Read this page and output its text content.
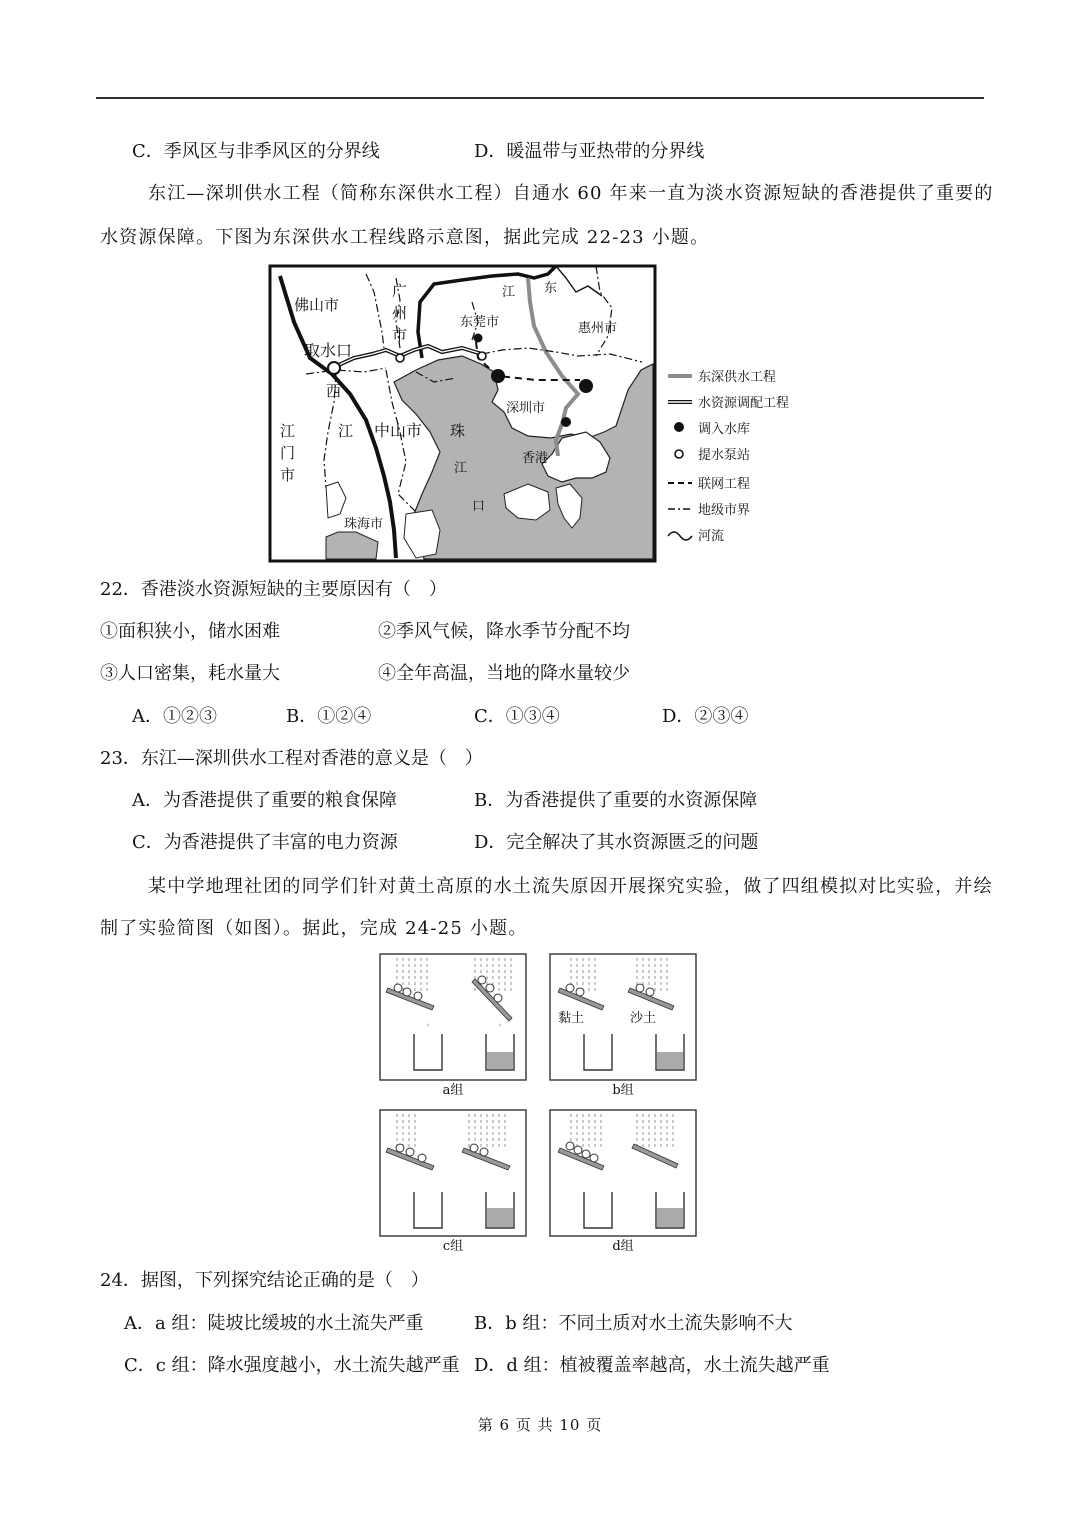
C．季风区与非季风区的分界线	D．暖温带与亚热带的分界线
东江—深圳供水工程（简称东深供水工程）自通水 60 年来一直为淡水资源短缺的香港提供了重要的
水资源保障。下图为东深供水工程线路示意图，据此完成 22-23 小题。
佛山市
广
州
市
东莞市
江 东
惠州市
取水口
西
江 中山市
深圳市
江
门
市
珠
江
口
香港
珠海市
东深供水工程
水资源调配工程
调入水库
提水泵站
联网工程
地级市界
河流
22．香港淡水资源短缺的主要原因有（　）
①面积狭小，储水困难	②季风气候，降水季节分配不均
③人口密集，耗水量大	④全年高温，当地的降水量较少
A．①②③	B．①②④	C．①③④	D．②③④
23．东江—深圳供水工程对香港的意义是（　）
A．为香港提供了重要的粮食保障	B．为香港提供了重要的水资源保障
C．为香港提供了丰富的电力资源	D．完全解决了其水资源匮乏的问题
某中学地理社团的同学们针对黄土高原的水土流失原因开展探究实验，做了四组模拟对比实验，并绘
制了实验简图（如图）。据此，完成 24-25 小题。
◦	◦
a组
黏土	沙土
b组
c组	d组
24．据图，下列探究结论正确的是（　）
A．a 组：陡坡比缓坡的水土流失严重	B．b 组：不同土质对水土流失影响不大
C．c 组：降水强度越小，水土流失越严重 D．d 组：植被覆盖率越高，水土流失越严重
第 6 页 共 10 页
